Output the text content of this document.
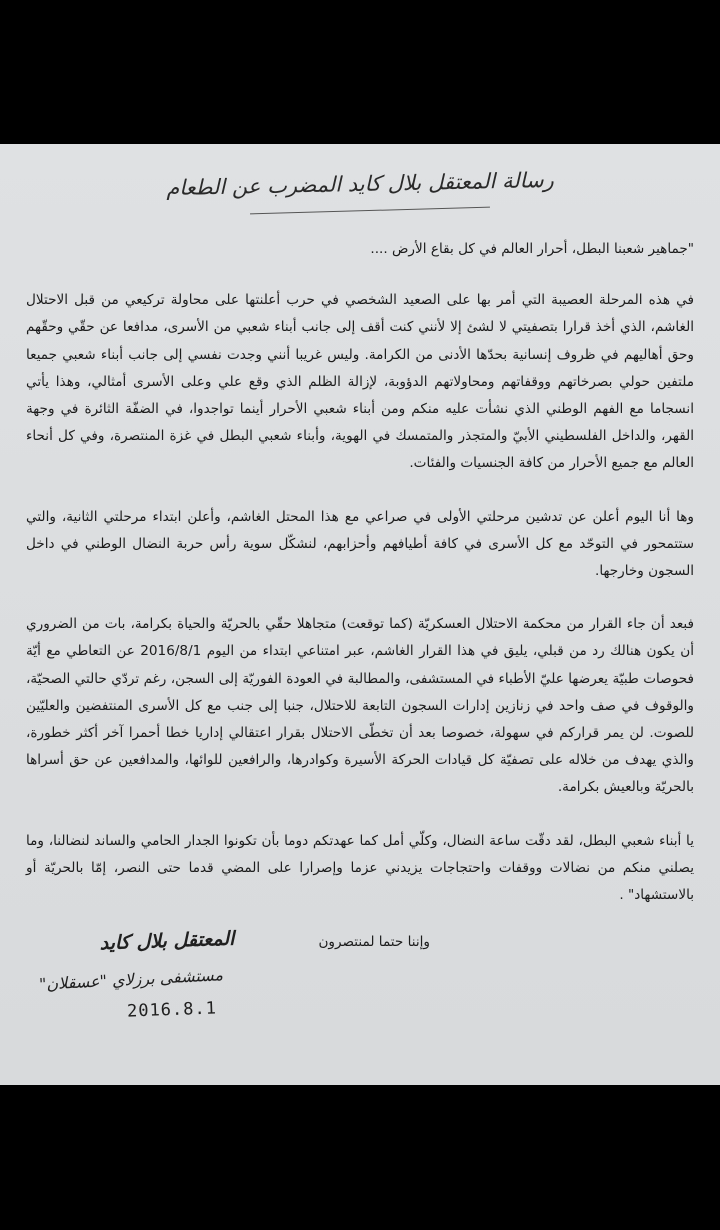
رسالة المعتقل بلال كايد المضرب عن الطعام

"جماهير شعبنا البطل، أحرار العالم في كل بقاع الأرض ....

في هذه المرحلة العصيبة التي أمر بها على الصعيد الشخصي في حرب أعلنتها على محاولة تركيعي من قبل الاحتلال الغاشم، الذي أخذ قرارا بتصفيتي لا لشئ إلا لأنني كنت أقف إلى جانب أبناء شعبي من الأسرى، مدافعا عن حقّي وحقّهم وحق أهاليهم في ظروف إنسانية بحدّها الأدنى من الكرامة. وليس غريبا أنني وجدت نفسي إلى جانب أبناء شعبي جميعا ملتفين حولي بصرخاتهم ووقفاتهم ومحاولاتهم الدؤوبة، لإزالة الظلم الذي وقع علي وعلى الأسرى أمثالي، وهذا يأتي انسجاما مع الفهم الوطني الذي نشأت عليه منكم ومن أبناء شعبي الأحرار أينما تواجدوا، في الضفّة الثائرة في وجهة القهر، والداخل الفلسطيني الأبيّ والمتجذر والمتمسك في الهوية، وأبناء شعبي البطل في غزة المنتصرة، وفي كل أنحاء العالم مع جميع الأحرار من كافة الجنسيات والفئات.

وها أنا اليوم أعلن عن تدشين مرحلتي الأولى في صراعي مع هذا المحتل الغاشم، وأعلن ابتداء مرحلتي الثانية، والتي ستتمحور في التوحّد مع كل الأسرى في كافة أطيافهم وأحزابهم، لنشكّل سوية رأس حربة النضال الوطني في داخل السجون وخارجها.

فبعد أن جاء القرار من محكمة الاحتلال العسكريّة (كما توقعت) متجاهلا حقّي بالحريّة والحياة بكرامة، بات من الضروري أن يكون هنالك رد من قبلي، يليق في هذا القرار الغاشم، عبر امتناعي ابتداء من اليوم 2016/8/1 عن التعاطي مع أيّة فحوصات طبيّة يعرضها عليّ الأطباء في المستشفى، والمطالبة في العودة الفوريّة إلى السجن، رغم تردّي حالتي الصحيّة، والوقوف في صف واحد في زنازين إدارات السجون التابعة للاحتلال، جنبا إلى جنب مع كل الأسرى المنتفضين والعليّين للصوت. لن يمر قراركم في سهولة، خصوصا بعد أن تخطّى الاحتلال بقرار اعتقالي إداريا خطا أحمرا آخر أكثر خطورة، والذي يهدف من خلاله على تصفيّة كل قيادات الحركة الأسيرة وكوادرها، والرافعين للوائها، والمدافعين عن حق أسراها بالحريّة وبالعيش بكرامة.

يا أبناء شعبي البطل، لقد دقّت ساعة النضال، وكلّي أمل كما عهدتكم دوما بأن تكونوا الجدار الحامي والساند لنضالنا، وما يصلني منكم من نضالات ووقفات واحتجاجات يزيدني عزما وإصرارا على المضي قدما حتى النصر، إمّا بالحريّة أو بالاستشهاد" .

وإننا حتما لمنتصرون
المعتقل بلال كايد
مستشفى برزلاي "عسقلان"
2016.8.1
